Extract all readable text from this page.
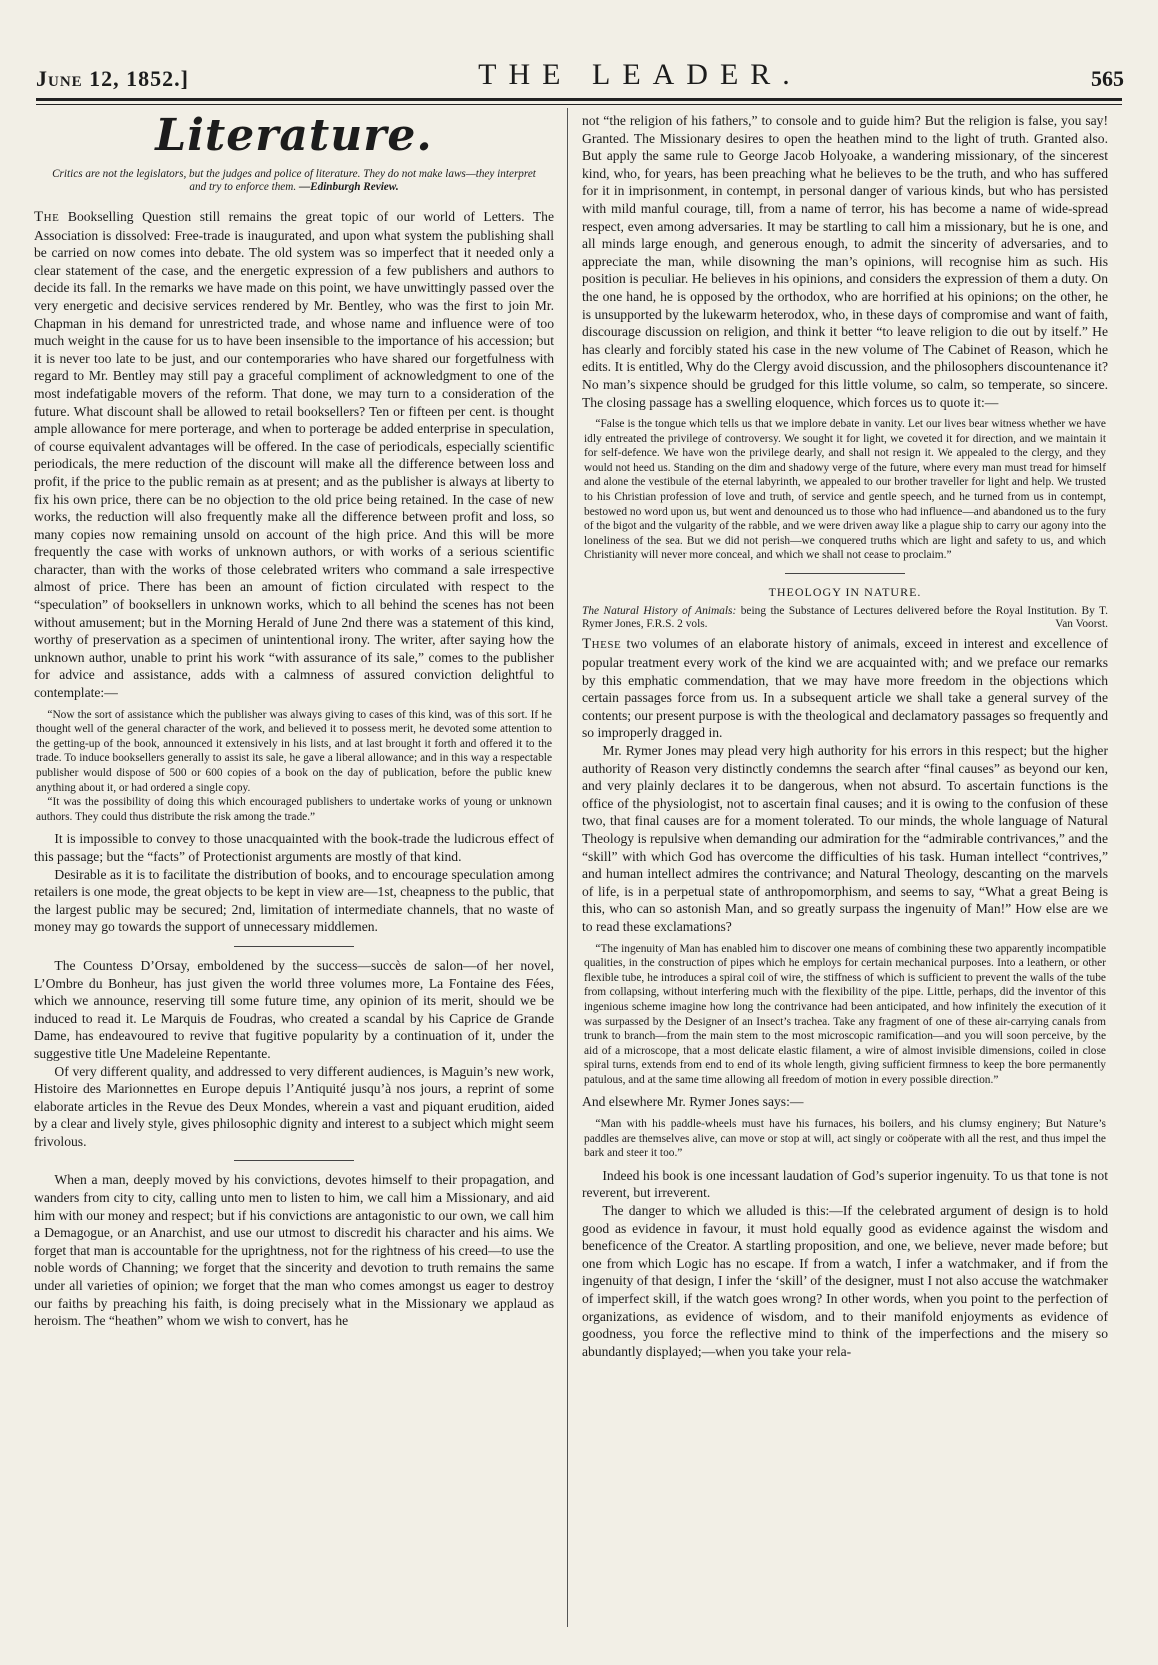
June 12, 1852.]	THE LEADER.	565
Literature.
Critics are not the legislators, but the judges and police of literature. They do not make laws—they interpret and try to enforce them. —Edinburgh Review.

The Bookselling Question still remains the great topic of our world of Letters. The Association is dissolved: Free-trade is inaugurated, and upon what system the publishing shall be carried on now comes into debate. The old system was so imperfect that it needed only a clear statement of the case, and the energetic expression of a few publishers and authors to decide its fall. In the remarks we have made on this point, we have unwittingly passed over the very energetic and decisive services rendered by Mr. Bentley, who was the first to join Mr. Chapman in his demand for unrestricted trade, and whose name and influence were of too much weight in the cause for us to have been insensible to the importance of his accession; but it is never too late to be just, and our contemporaries who have shared our forgetfulness with regard to Mr. Bentley may still pay a graceful compliment of acknowledgment to one of the most indefatigable movers of the reform. That done, we may turn to a consideration of the future. What discount shall be allowed to retail booksellers? Ten or fifteen per cent. is thought ample allowance for mere porterage, and when to porterage be added enterprise in speculation, of course equivalent advantages will be offered. In the case of periodicals, especially scientific periodicals, the mere reduction of the discount will make all the difference between loss and profit, if the price to the public remain as at present; and as the publisher is always at liberty to fix his own price, there can be no objection to the old price being retained. In the case of new works, the reduction will also frequently make all the difference between profit and loss, so many copies now remaining unsold on account of the high price. And this will be more frequently the case with works of unknown authors, or with works of a serious scientific character, than with the works of those celebrated writers who command a sale irrespective almost of price. There has been an amount of fiction circulated with respect to the “speculation” of booksellers in unknown works, which to all behind the scenes has not been without amusement; but in the Morning Herald of June 2nd there was a statement of this kind, worthy of preservation as a specimen of unintentional irony. The writer, after saying how the unknown author, unable to print his work “with assurance of its sale,” comes to the publisher for advice and assistance, adds with a calmness of assured conviction delightful to contemplate:—

“Now the sort of assistance which the publisher was always giving to cases of this kind, was of this sort. If he thought well of the general character of the work, and believed it to possess merit, he devoted some attention to the getting-up of the book, announced it extensively in his lists, and at last brought it forth and offered it to the trade. To induce booksellers generally to assist its sale, he gave a liberal allowance; and in this way a respectable publisher would dispose of 500 or 600 copies of a book on the day of publication, before the public knew anything about it, or had ordered a single copy.

“It was the possibility of doing this which encouraged publishers to undertake works of young or unknown authors. They could thus distribute the risk among the trade.”

It is impossible to convey to those unacquainted with the book-trade the ludicrous effect of this passage; but the “facts” of Protectionist arguments are mostly of that kind.

Desirable as it is to facilitate the distribution of books, and to encourage speculation among retailers is one mode, the great objects to be kept in view are—1st, cheapness to the public, that the largest public may be secured; 2nd, limitation of intermediate channels, that no waste of money may go towards the support of unnecessary middlemen.

The Countess D’Orsay, emboldened by the success—succès de salon—of her novel, L’Ombre du Bonheur, has just given the world three volumes more, La Fontaine des Fées, which we announce, reserving till some future time, any opinion of its merit, should we be induced to read it. Le Marquis de Foudras, who created a scandal by his Caprice de Grande Dame, has endeavoured to revive that fugitive popularity by a continuation of it, under the suggestive title Une Madeleine Repentante.

Of very different quality, and addressed to very different audiences, is Maguin’s new work, Histoire des Marionnettes en Europe depuis l’Antiquité jusqu’à nos jours, a reprint of some elaborate articles in the Revue des Deux Mondes, wherein a vast and piquant erudition, aided by a clear and lively style, gives philosophic dignity and interest to a subject which might seem frivolous.

When a man, deeply moved by his convictions, devotes himself to their propagation, and wanders from city to city, calling unto men to listen to him, we call him a Missionary, and aid him with our money and respect; but if his convictions are antagonistic to our own, we call him a Demagogue, or an Anarchist, and use our utmost to discredit his character and his aims. We forget that man is accountable for the uprightness, not for the rightness of his creed—to use the noble words of Channing; we forget that the sincerity and devotion to truth remains the same under all varieties of opinion; we forget that the man who comes amongst us eager to destroy our faiths by preaching his faith, is doing precisely what in the Missionary we applaud as heroism. The “heathen” whom we wish to convert, has he

not “the religion of his fathers,” to console and to guide him? But the religion is false, you say! Granted. The Missionary desires to open the heathen mind to the light of truth. Granted also. But apply the same rule to George Jacob Holyoake, a wandering missionary, of the sincerest kind, who, for years, has been preaching what he believes to be the truth, and who has suffered for it in imprisonment, in contempt, in personal danger of various kinds, but who has persisted with mild manful courage, till, from a name of terror, his has become a name of wide-spread respect, even among adversaries. It may be startling to call him a missionary, but he is one, and all minds large enough, and generous enough, to admit the sincerity of adversaries, and to appreciate the man, while disowning the man’s opinions, will recognise him as such. His position is peculiar. He believes in his opinions, and considers the expression of them a duty. On the one hand, he is opposed by the orthodox, who are horrified at his opinions; on the other, he is unsupported by the lukewarm heterodox, who, in these days of compromise and want of faith, discourage discussion on religion, and think it better “to leave religion to die out by itself.” He has clearly and forcibly stated his case in the new volume of The Cabinet of Reason, which he edits. It is entitled, Why do the Clergy avoid discussion, and the philosophers discountenance it? No man’s sixpence should be grudged for this little volume, so calm, so temperate, so sincere. The closing passage has a swelling eloquence, which forces us to quote it:—

“False is the tongue which tells us that we implore debate in vanity. Let our lives bear witness whether we have idly entreated the privilege of controversy. We sought it for light, we coveted it for direction, and we maintain it for self-defence. We have won the privilege dearly, and shall not resign it. We appealed to the clergy, and they would not heed us. Standing on the dim and shadowy verge of the future, where every man must tread for himself and alone the vestibule of the eternal labyrinth, we appealed to our brother traveller for light and help. We trusted to his Christian profession of love and truth, of service and gentle speech, and he turned from us in contempt, bestowed no word upon us, but went and denounced us to those who had influence—and abandoned us to the fury of the bigot and the vulgarity of the rabble, and we were driven away like a plague ship to carry our agony into the loneliness of the sea. But we did not perish—we conquered truths which are light and safety to us, and which Christianity will never more conceal, and which we shall not cease to proclaim.”

THEOLOGY IN NATURE.

The Natural History of Animals: being the Substance of Lectures delivered before the Royal Institution. By T. Rymer Jones, F.R.S. 2 vols.	Van Voorst.

These two volumes of an elaborate history of animals, exceed in interest and excellence of popular treatment every work of the kind we are acquainted with; and we preface our remarks by this emphatic commendation, that we may have more freedom in the objections which certain passages force from us. In a subsequent article we shall take a general survey of the contents; our present purpose is with the theological and declamatory passages so frequently and so improperly dragged in.

Mr. Rymer Jones may plead very high authority for his errors in this respect; but the higher authority of Reason very distinctly condemns the search after “final causes” as beyond our ken, and very plainly declares it to be dangerous, when not absurd. To ascertain functions is the office of the physiologist, not to ascertain final causes; and it is owing to the confusion of these two, that final causes are for a moment tolerated. To our minds, the whole language of Natural Theology is repulsive when demanding our admiration for the “admirable contrivances,” and the “skill” with which God has overcome the difficulties of his task. Human intellect “contrives,” and human intellect admires the contrivance; and Natural Theology, descanting on the marvels of life, is in a perpetual state of anthropomorphism, and seems to say, “What a great Being is this, who can so astonish Man, and so greatly surpass the ingenuity of Man!” How else are we to read these exclamations?

“The ingenuity of Man has enabled him to discover one means of combining these two apparently incompatible qualities, in the construction of pipes which he employs for certain mechanical purposes. Into a leathern, or other flexible tube, he introduces a spiral coil of wire, the stiffness of which is sufficient to prevent the walls of the tube from collapsing, without interfering much with the flexibility of the pipe. Little, perhaps, did the inventor of this ingenious scheme imagine how long the contrivance had been anticipated, and how infinitely the execution of it was surpassed by the Designer of an Insect’s trachea. Take any fragment of one of these air-carrying canals from trunk to branch—from the main stem to the most microscopic ramification—and you will soon perceive, by the aid of a microscope, that a most delicate elastic filament, a wire of almost invisible dimensions, coiled in close spiral turns, extends from end to end of its whole length, giving sufficient firmness to keep the bore permanently patulous, and at the same time allowing all freedom of motion in every possible direction.”

And elsewhere Mr. Rymer Jones says:—

“Man with his paddle-wheels must have his furnaces, his boilers, and his clumsy enginery; But Nature’s paddles are themselves alive, can move or stop at will, act singly or coöperate with all the rest, and thus impel the bark and steer it too.”

Indeed his book is one incessant laudation of God’s superior ingenuity. To us that tone is not reverent, but irreverent.

The danger to which we alluded is this:—If the celebrated argument of design is to hold good as evidence in favour, it must hold equally good as evidence against the wisdom and beneficence of the Creator. A startling proposition, and one, we believe, never made before; but one from which Logic has no escape. If from a watch, I infer a watchmaker, and if from the ingenuity of that design, I infer the ‘skill’ of the designer, must I not also accuse the watchmaker of imperfect skill, if the watch goes wrong? In other words, when you point to the perfection of organizations, as evidence of wisdom, and to their manifold enjoyments as evidence of goodness, you force the reflective mind to think of the imperfections and the misery so abundantly displayed;—when you take your rela-
